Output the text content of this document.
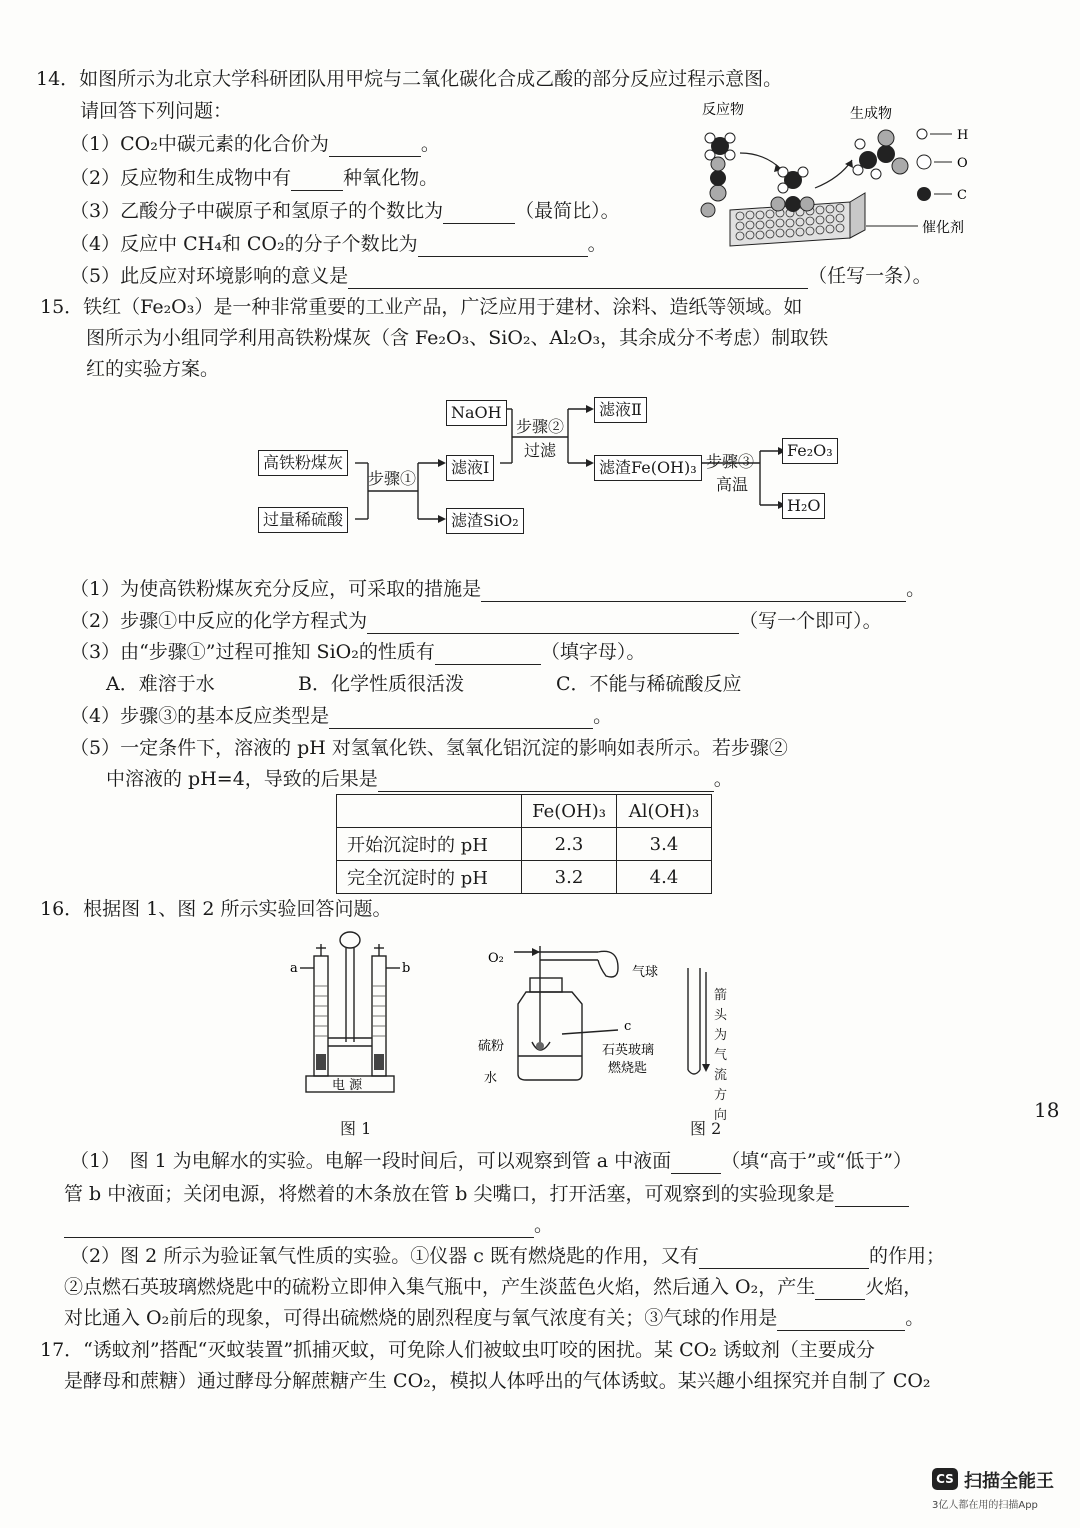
14．如图所示为北京大学科研团队用甲烷与二氧化碳化合成乙酸的部分反应过程示意图。
请回答下列问题：
（1）CO₂中碳元素的化合价为	。
（2）反应物和生成物中有	种氧化物。
（3）乙酸分子中碳原子和氢原子的个数比为	（最简比）。
（4）反应中 CH₄和 CO₂的分子个数比为	。
（5）此反应对环境影响的意义是	（任写一条）。
反应物	生成物
H
O
C
催化剂
15．铁红（Fe₂O₃）是一种非常重要的工业产品，广泛应用于建材、涂料、造纸等领域。如
图所示为小组同学利用高铁粉煤灰（含 Fe₂O₃、SiO₂、Al₂O₃，其余成分不考虑）制取铁
红的实验方案。
高铁粉煤灰
过量稀硫酸
步骤①
NaOH
滤液Ⅰ
滤渣SiO₂
步骤②
过滤
滤液Ⅱ
滤渣Fe(OH)₃ 步骤③
高温
Fe₂O₃
H₂O
（1）为使高铁粉煤灰充分反应，可采取的措施是	。
（2）步骤①中反应的化学方程式为	（写一个即可）。
（3）由“步骤①”过程可推知 SiO₂的性质有	（填字母）。
A．难溶于水	B．化学性质很活泼	C．不能与稀硫酸反应
（4）步骤③的基本反应类型是	。
（5）一定条件下，溶液的 pH 对氢氧化铁、氢氧化铝沉淀的影响如表所示。若步骤②
中溶液的 pH=4，导致的后果是	。
	Fe(OH)₃	Al(OH)₃
开始沉淀时的 pH	2.3	3.4
完全沉淀时的 pH	3.2	4.4
16．根据图 1、图 2 所示实验回答问题。
a	b
电 源
图 1
O₂
气球
c
硫粉
水
石英玻璃
燃烧匙
箭头为气流方向
图 2
18
（1）　图 1 为电解水的实验。电解一段时间后，可以观察到管 a 中液面	（填“高于”或“低于”）
管 b 中液面；关闭电源，将燃着的木条放在管 b 尖嘴口，打开活塞，可观察到的实验现象是
。
（2）图 2 所示为验证氧气性质的实验。①仪器 c 既有燃烧匙的作用，又有	的作用；
②点燃石英玻璃燃烧匙中的硫粉立即伸入集气瓶中，产生淡蓝色火焰，然后通入 O₂，产生	火焰，
对比通入 O₂前后的现象，可得出硫燃烧的剧烈程度与氧气浓度有关；③气球的作用是	。
17．“诱蚊剂”搭配“灭蚊装置”抓捕灭蚊，可免除人们被蚊虫叮咬的困扰。某 CO₂ 诱蚊剂（主要成分
是酵母和蔗糖）通过酵母分解蔗糖产生 CO₂，模拟人体呼出的气体诱蚊。某兴趣小组探究并自制了 CO₂
CS 扫描全能王
3亿人都在用的扫描App
